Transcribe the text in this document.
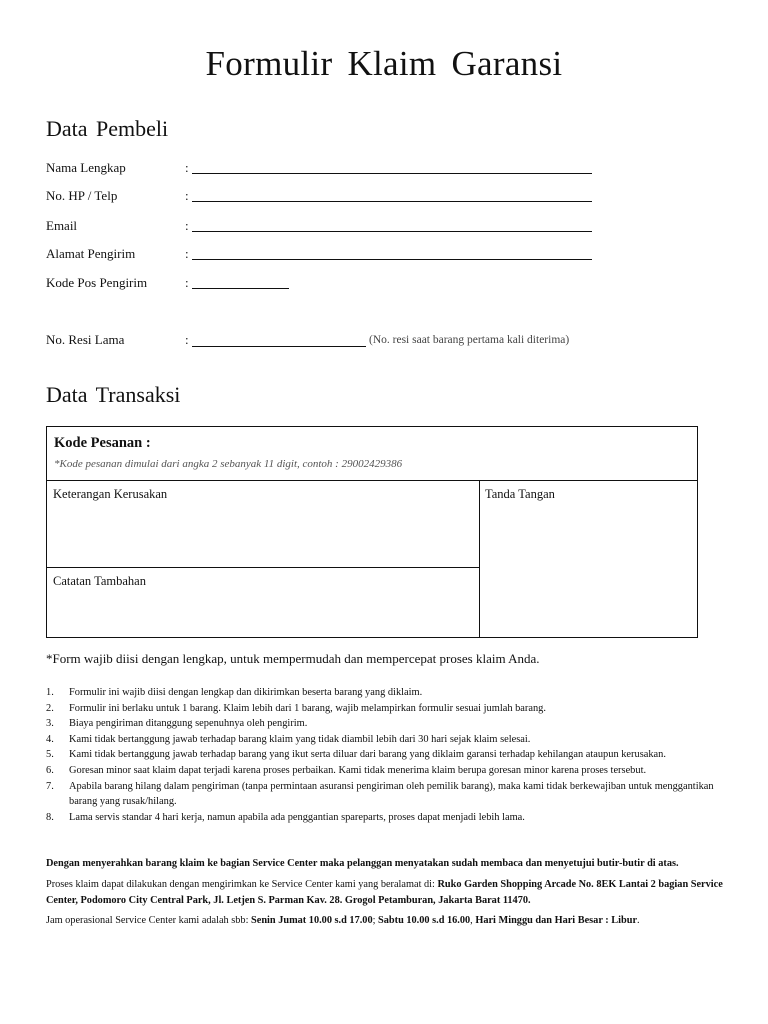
Formulir Klaim Garansi
Data Pembeli
Nama Lengkap	:
No. HP / Telp	:
Email	:
Alamat Pengirim	:
Kode Pos Pengirim	:
No. Resi Lama	:	(No. resi saat barang pertama kali diterima)
Data Transaksi
Kode Pesanan :
*Kode pesanan dimulai dari angka 2 sebanyak 11 digit, contoh : 29002429386
Keterangan Kerusakan	Tanda Tangan
Catatan Tambahan
*Form wajib diisi dengan lengkap, untuk mempermudah dan mempercepat proses klaim Anda.
1. Formulir ini wajib diisi dengan lengkap dan dikirimkan beserta barang yang diklaim.
2. Formulir ini berlaku untuk 1 barang. Klaim lebih dari 1 barang, wajib melampirkan formulir sesuai jumlah barang.
3. Biaya pengiriman ditanggung sepenuhnya oleh pengirim.
4. Kami tidak bertanggung jawab terhadap barang klaim yang tidak diambil lebih dari 30 hari sejak klaim selesai.
5. Kami tidak bertanggung jawab terhadap barang yang ikut serta diluar dari barang yang diklaim garansi terhadap kehilangan ataupun kerusakan.
6. Goresan minor saat klaim dapat terjadi karena proses perbaikan. Kami tidak menerima klaim berupa goresan minor karena proses tersebut.
7. Apabila barang hilang dalam pengiriman (tanpa permintaan asuransi pengiriman oleh pemilik barang), maka kami tidak berkewajiban untuk menggantikan barang yang rusak/hilang.
8. Lama servis standar 4 hari kerja, namun apabila ada penggantian spareparts, proses dapat menjadi lebih lama.
Dengan menyerahkan barang klaim ke bagian Service Center maka pelanggan menyatakan sudah membaca dan menyetujui butir-butir di atas.
Proses klaim dapat dilakukan dengan mengirimkan ke Service Center kami yang beralamat di: Ruko Garden Shopping Arcade No. 8EK Lantai 2 bagian Service Center, Podomoro City Central Park, Jl. Letjen S. Parman Kav. 28. Grogol Petamburan, Jakarta Barat 11470.
Jam operasional Service Center kami adalah sbb: Senin Jumat 10.00 s.d 17.00; Sabtu 10.00 s.d 16.00, Hari Minggu dan Hari Besar : Libur.
